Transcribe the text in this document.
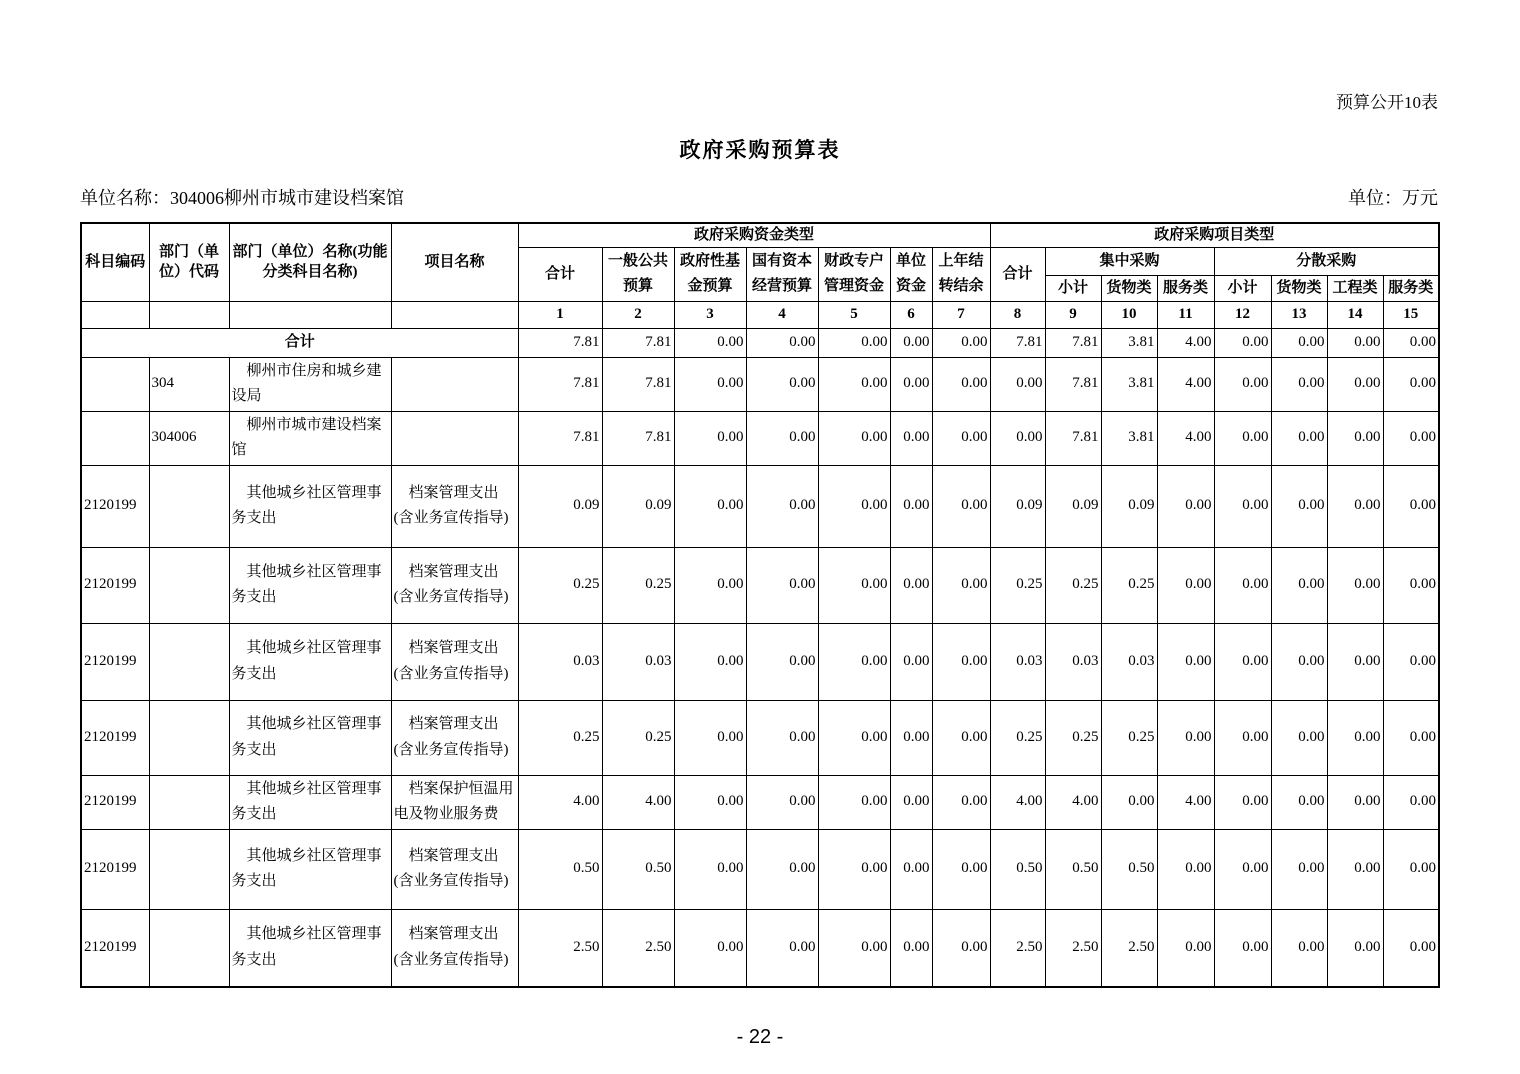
预算公开10表
政府采购预算表
单位名称：304006柳州市城市建设档案馆	单位：万元
科目编码	部门（单位）代码	部门（单位）名称(功能分类科目名称)	项目名称	政府采购资金类型							政府采购项目类型							
				合计	一般公共预算	政府性基金预算	国有资本经营预算	财政专户管理资金	单位资金	上年结转结余	合计	集中采购			分散采购			
												小计	货物类	服务类	小计	货物类	工程类	服务类
				1	2	3	4	5	6	7	8	9	10	11	12	13	14	15
合计				7.81	7.81	0.00	0.00	0.00	0.00	0.00	7.81	7.81	3.81	4.00	0.00	0.00	0.00	0.00
	304	柳州市住房和城乡建设局		7.81	7.81	0.00	0.00	0.00	0.00	0.00	0.00	7.81	3.81	4.00	0.00	0.00	0.00	0.00
	304006	柳州市城市建设档案馆		7.81	7.81	0.00	0.00	0.00	0.00	0.00	0.00	7.81	3.81	4.00	0.00	0.00	0.00	0.00
2120199		其他城乡社区管理事务支出	档案管理支出(含业务宣传指导)	0.09	0.09	0.00	0.00	0.00	0.00	0.00	0.09	0.09	0.09	0.00	0.00	0.00	0.00	0.00
2120199		其他城乡社区管理事务支出	档案管理支出(含业务宣传指导)	0.25	0.25	0.00	0.00	0.00	0.00	0.00	0.25	0.25	0.25	0.00	0.00	0.00	0.00	0.00
2120199		其他城乡社区管理事务支出	档案管理支出(含业务宣传指导)	0.03	0.03	0.00	0.00	0.00	0.00	0.00	0.03	0.03	0.03	0.00	0.00	0.00	0.00	0.00
2120199		其他城乡社区管理事务支出	档案管理支出(含业务宣传指导)	0.25	0.25	0.00	0.00	0.00	0.00	0.00	0.25	0.25	0.25	0.00	0.00	0.00	0.00	0.00
2120199		其他城乡社区管理事务支出	档案保护恒温用电及物业服务费	4.00	4.00	0.00	0.00	0.00	0.00	0.00	4.00	4.00	0.00	4.00	0.00	0.00	0.00	0.00
2120199		其他城乡社区管理事务支出	档案管理支出(含业务宣传指导)	0.50	0.50	0.00	0.00	0.00	0.00	0.00	0.50	0.50	0.50	0.00	0.00	0.00	0.00	0.00
2120199		其他城乡社区管理事务支出	档案管理支出(含业务宣传指导)	2.50	2.50	0.00	0.00	0.00	0.00	0.00	2.50	2.50	2.50	0.00	0.00	0.00	0.00	0.00
- 22 -
